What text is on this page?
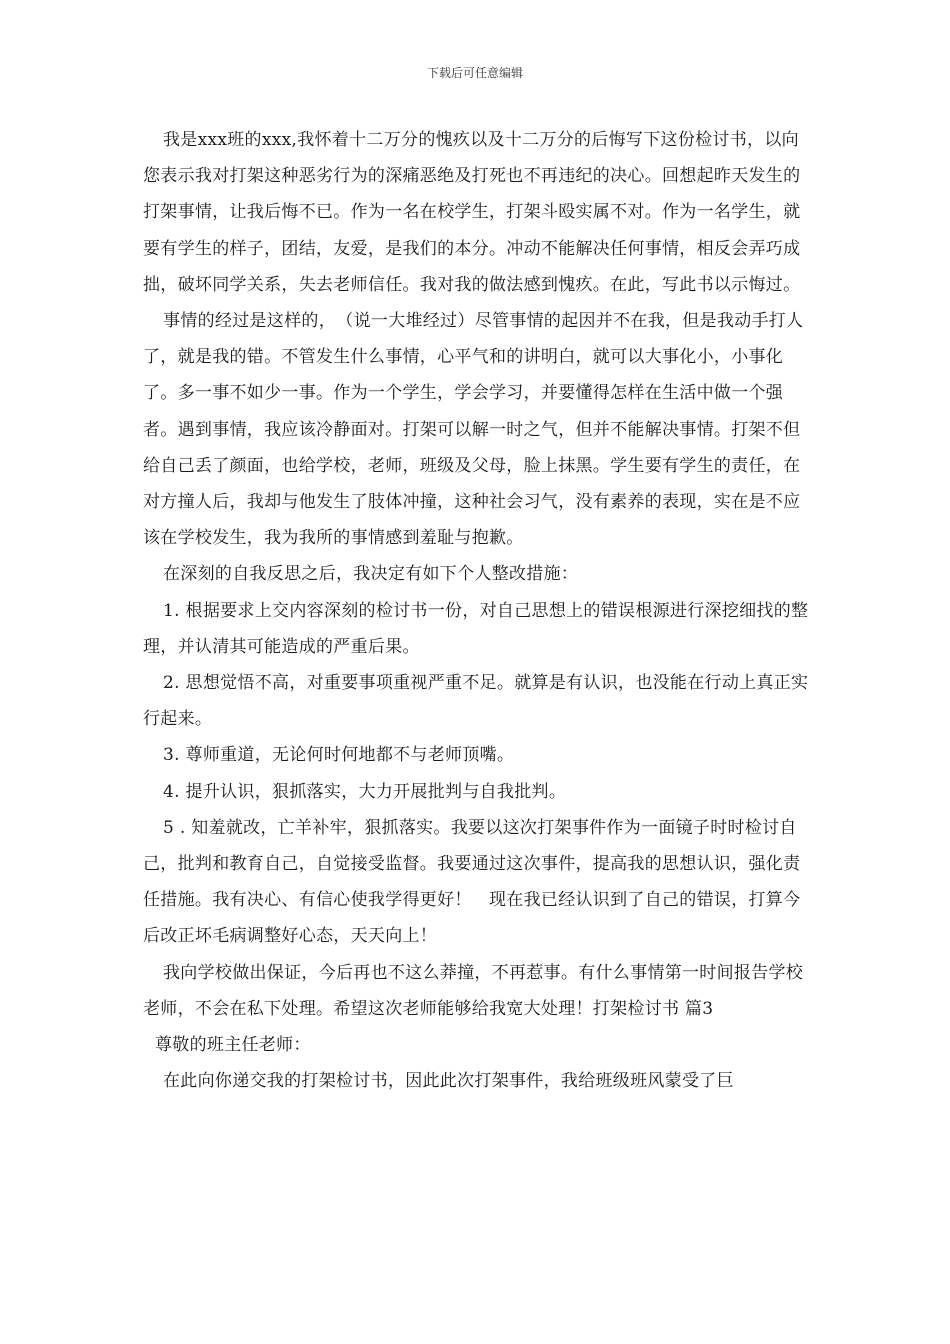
下载后可任意编辑

我是xxx班的xxx,我怀着十二万分的愧疚以及十二万分的后悔写下这份检讨书，以向您表示我对打架这种恶劣行为的深痛恶绝及打死也不再违纪的决心。回想起昨天发生的打架事情，让我后悔不已。作为一名在校学生，打架斗殴实属不对。作为一名学生，就要有学生的样子，团结，友爱，是我们的本分。冲动不能解决任何事情，相反会弄巧成拙，破坏同学关系，失去老师信任。我对我的做法感到愧疚。在此，写此书以示悔过。

事情的经过是这样的，　（说一大堆经过）尽管事情的起因并不在我，但是我动手打人了，就是我的错。不管发生什么事情，心平气和的讲明白，就可以大事化小，小事化了。多一事不如少一事。作为一个学生，学会学习，并要懂得怎样在生活中做一个强者。遇到事情，我应该冷静面对。打架可以解一时之气，但并不能解决事情。打架不但给自己丢了颜面，也给学校，老师，班级及父母，脸上抹黑。学生要有学生的责任，在对方撞人后，我却与他发生了肢体冲撞，这种社会习气，没有素养的表现，实在是不应该在学校发生，我为我所的事情感到羞耻与抱歉。

在深刻的自我反思之后，我决定有如下个人整改措施：

1. 根据要求上交内容深刻的检讨书一份，对自己思想上的错误根源进行深挖细找的整理，并认清其可能造成的严重后果。

2. 思想觉悟不高，对重要事项重视严重不足。就算是有认识，也没能在行动上真正实行起来。

3. 尊师重道，无论何时何地都不与老师顶嘴。

4. 提升认识，狠抓落实，大力开展批判与自我批判。

5 . 知羞就改，亡羊补牢，狠抓落实。我要以这次打架事件作为一面镜子时时检讨自己，批判和教育自己，自觉接受监督。我要通过这次事件，提高我的思想认识，强化责任措施。我有决心、有信心使我学得更好！　现在我已经认识到了自己的错误，打算今后改正坏毛病调整好心态，天天向上！

我向学校做出保证，今后再也不这么莽撞，不再惹事。有什么事情第一时间报告学校老师，不会在私下处理。希望这次老师能够给我宽大处理！打架检讨书 篇3

尊敬的班主任老师：

在此向你递交我的打架检讨书，因此此次打架事件，我给班级班风蒙受了巨
